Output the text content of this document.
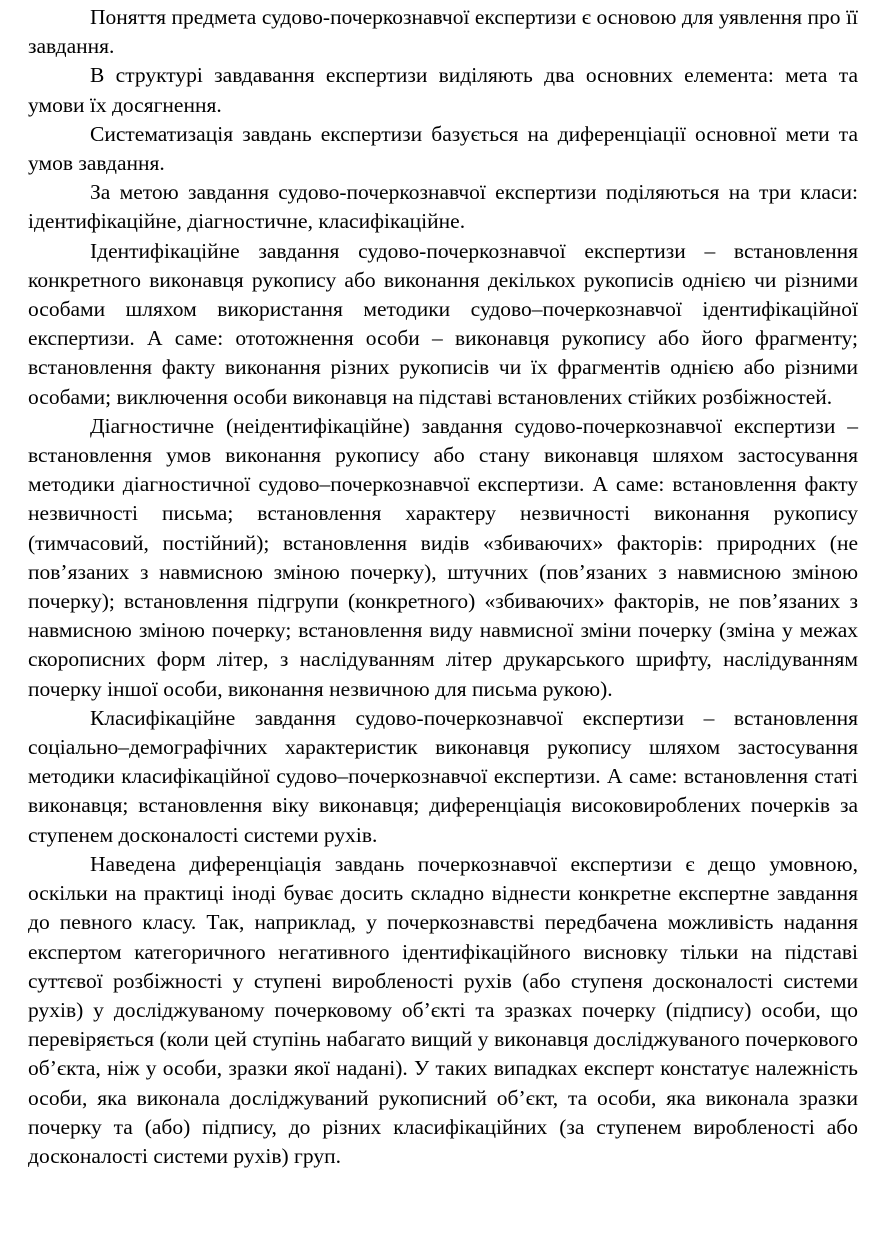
Поняття предмета судово-почеркознавчої експертизи є основою для уявлення про її завдання.

В структурі завдавання експертизи виділяють два основних елемента: мета та умови їх досягнення.

Систематизація завдань експертизи базується на диференціації основної мети та умов завдання.

За метою завдання судово-почеркознавчої експертизи поділяються на три класи: ідентифікаційне, діагностичне, класифікаційне.

Ідентифікаційне завдання судово-почеркознавчої експертизи – встановлення конкретного виконавця рукопису або виконання декількох рукописів однією чи різними особами шляхом використання методики судово–почеркознавчої ідентифікаційної експертизи. А саме: ототожнення особи – виконавця рукопису або його фрагменту; встановлення факту виконання різних рукописів чи їх фрагментів однією або різними особами; виключення особи виконавця на підставі встановлених стійких розбіжностей.

Діагностичне (неідентифікаційне) завдання судово-почеркознавчої експертизи – встановлення умов виконання рукопису або стану виконавця шляхом застосування методики діагностичної судово–почеркознавчої експертизи. А саме: встановлення факту незвичності письма; встановлення характеру незвичності виконання рукопису (тимчасовий, постійний); встановлення видів «збиваючих» факторів: природних (не пов’язаних з навмисною зміною почерку), штучних (пов’язаних з навмисною зміною почерку); встановлення підгрупи (конкретного) «збиваючих» факторів, не пов’язаних з навмисною зміною почерку; встановлення виду навмисної зміни почерку (зміна у межах скорописних форм літер, з наслідуванням літер друкарського шрифту, наслідуванням почерку іншої особи, виконання незвичною для письма рукою).

Класифікаційне завдання судово-почеркознавчої експертизи – встановлення соціально–демографічних характеристик виконавця рукопису шляхом застосування методики класифікаційної судово–почеркознавчої експертизи. А саме: встановлення статі виконавця; встановлення віку виконавця; диференціація високовироблених почерків за ступенем досконалості системи рухів.

Наведена диференціація завдань почеркознавчої експертизи є дещо умовною, оскільки на практиці іноді буває досить складно віднести конкретне експертне завдання до певного класу. Так, наприклад, у почеркознавстві передбачена можливість надання експертом категоричного негативного ідентифікаційного висновку тільки на підставі суттєвої розбіжності у ступені виробленості рухів (або ступеня досконалості системи рухів) у досліджуваному почерковому об’єкті та зразках почерку (підпису) особи, що перевіряється (коли цей ступінь набагато вищий у виконавця досліджуваного почеркового об’єкта, ніж у особи, зразки якої надані). У таких випадках експерт констатує належність особи, яка виконала досліджуваний рукописний об’єкт, та особи, яка виконала зразки почерку та (або) підпису, до різних класифікаційних (за ступенем виробленості або досконалості системи рухів) груп.
